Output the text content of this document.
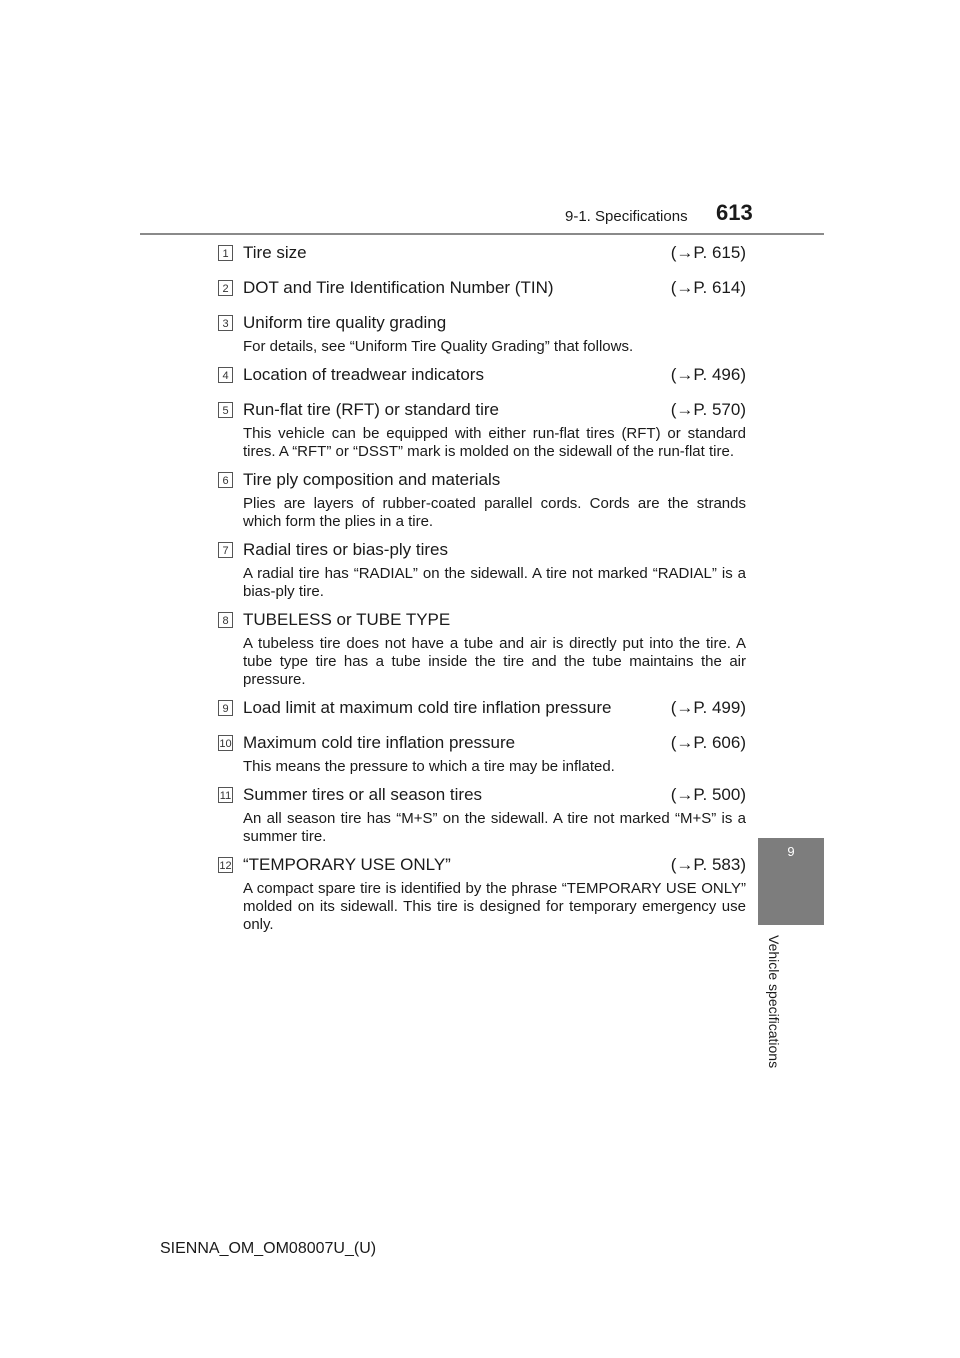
9-1. Specifications 613
9
Vehicle specifications
1 Tire size	(→P. 615)
2 DOT and Tire Identification Number (TIN)	(→P. 614)
3 Uniform tire quality grading
For details, see “Uniform Tire Quality Grading” that follows.
4 Location of treadwear indicators	(→P. 496)
5 Run-flat tire (RFT) or standard tire	(→P. 570)
This vehicle can be equipped with either run-flat tires (RFT) or standard tires. A “RFT” or “DSST” mark is molded on the sidewall of the run-flat tire.
6 Tire ply composition and materials
Plies are layers of rubber-coated parallel cords. Cords are the strands which form the plies in a tire.
7 Radial tires or bias-ply tires
A radial tire has “RADIAL” on the sidewall. A tire not marked “RADIAL” is a bias-ply tire.
8 TUBELESS or TUBE TYPE
A tubeless tire does not have a tube and air is directly put into the tire. A tube type tire has a tube inside the tire and the tube maintains the air pressure.
9 Load limit at maximum cold tire inflation pressure	(→P. 499)
10 Maximum cold tire inflation pressure	(→P. 606)
This means the pressure to which a tire may be inflated.
11 Summer tires or all season tires	(→P. 500)
An all season tire has “M+S” on the sidewall. A tire not marked “M+S” is a summer tire.
12 “TEMPORARY USE ONLY”	(→P. 583)
A compact spare tire is identified by the phrase “TEMPORARY USE ONLY” molded on its sidewall. This tire is designed for temporary emergency use only.
SIENNA_OM_OM08007U_(U)
